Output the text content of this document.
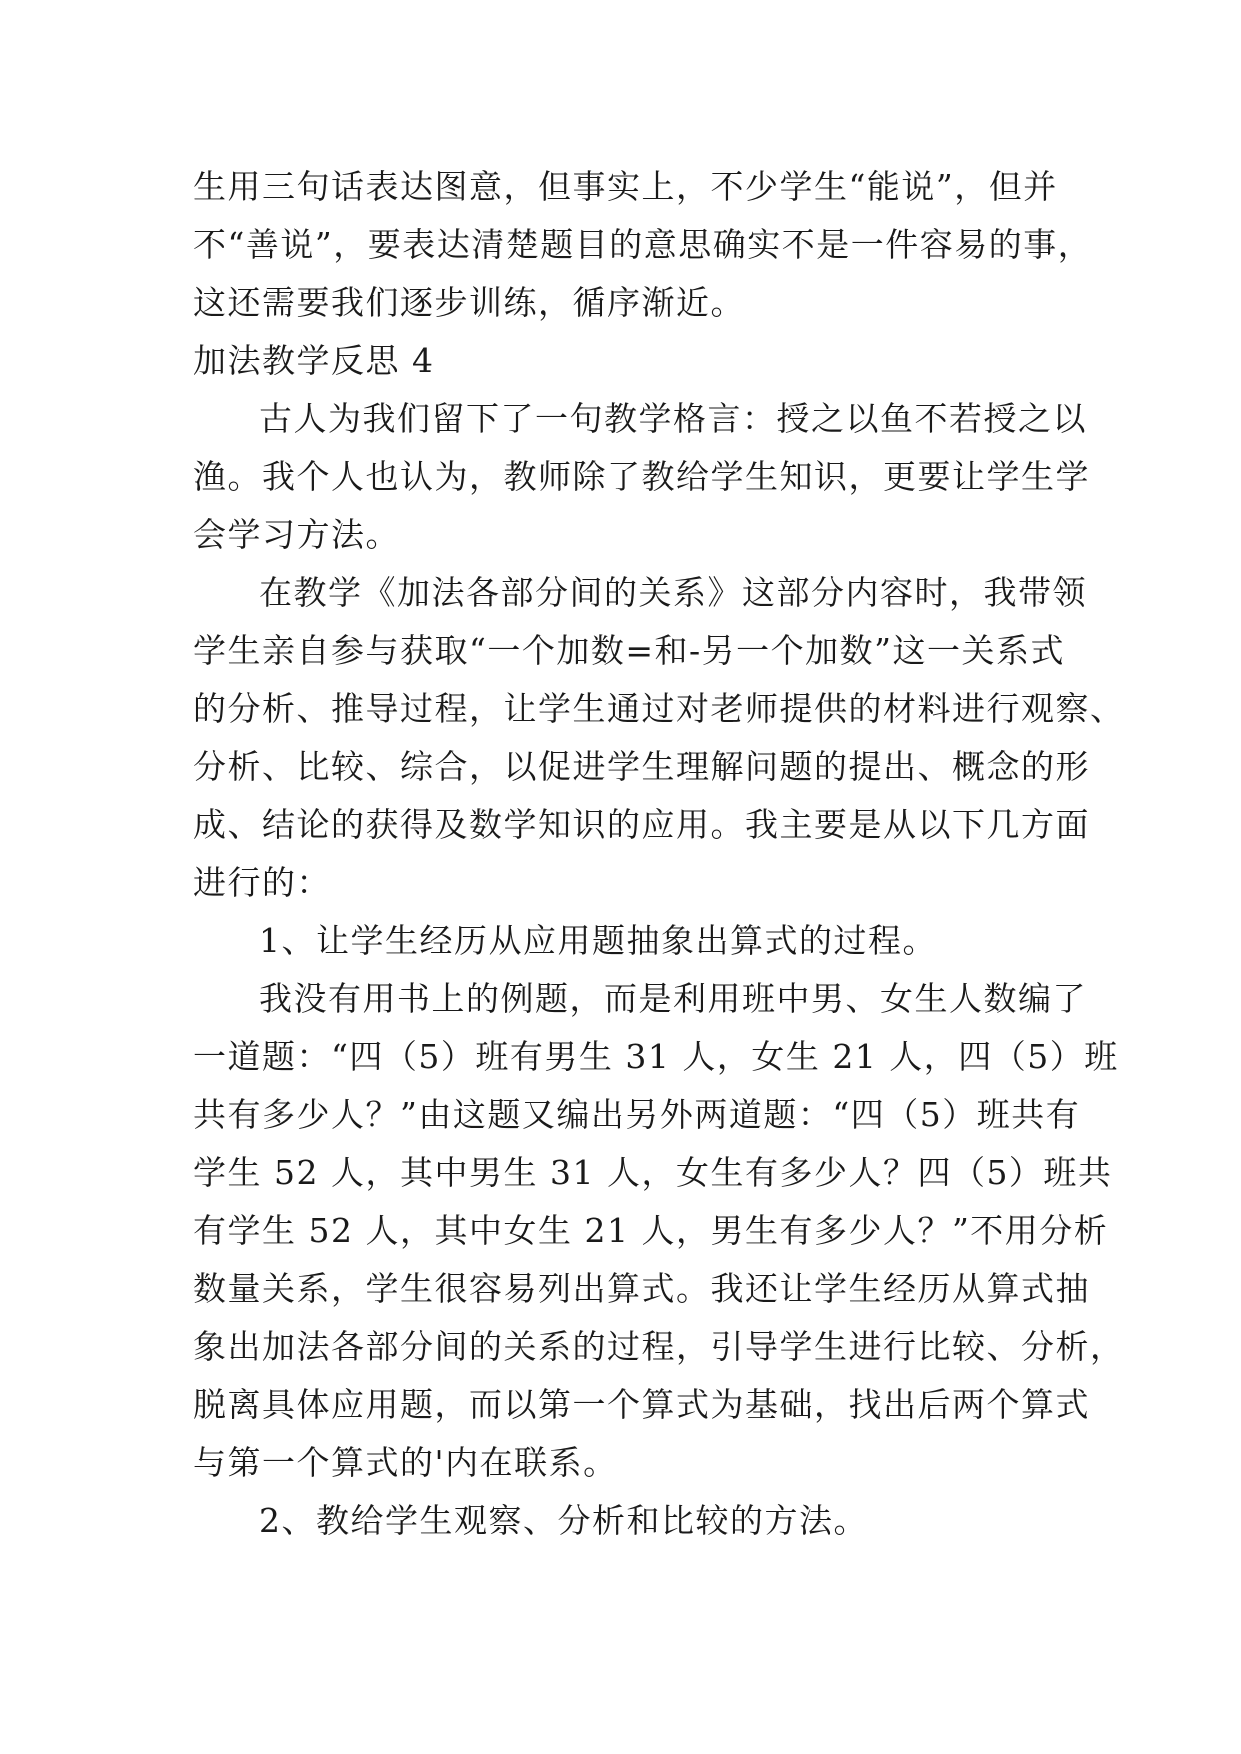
生用三句话表达图意，但事实上，不少学生“能说”，但并
不“善说”，要表达清楚题目的意思确实不是一件容易的事，
这还需要我们逐步训练，循序渐近。
加法教学反思 4
古人为我们留下了一句教学格言：授之以鱼不若授之以
渔。我个人也认为，教师除了教给学生知识，更要让学生学
会学习方法。
在教学《加法各部分间的关系》这部分内容时，我带领
学生亲自参与获取“一个加数=和-另一个加数”这一关系式
的分析、推导过程，让学生通过对老师提供的材料进行观察、
分析、比较、综合，以促进学生理解问题的提出、概念的形
成、结论的获得及数学知识的应用。我主要是从以下几方面
进行的：
1、让学生经历从应用题抽象出算式的过程。
我没有用书上的例题，而是利用班中男、女生人数编了
一道题：“四（5）班有男生 31 人，女生 21 人，四（5）班
共有多少人？”由这题又编出另外两道题：“四（5）班共有
学生 52 人，其中男生 31 人，女生有多少人？四（5）班共
有学生 52 人，其中女生 21 人，男生有多少人？”不用分析
数量关系，学生很容易列出算式。我还让学生经历从算式抽
象出加法各部分间的关系的过程，引导学生进行比较、分析，
脱离具体应用题，而以第一个算式为基础，找出后两个算式
与第一个算式的'内在联系。
2、教给学生观察、分析和比较的方法。
